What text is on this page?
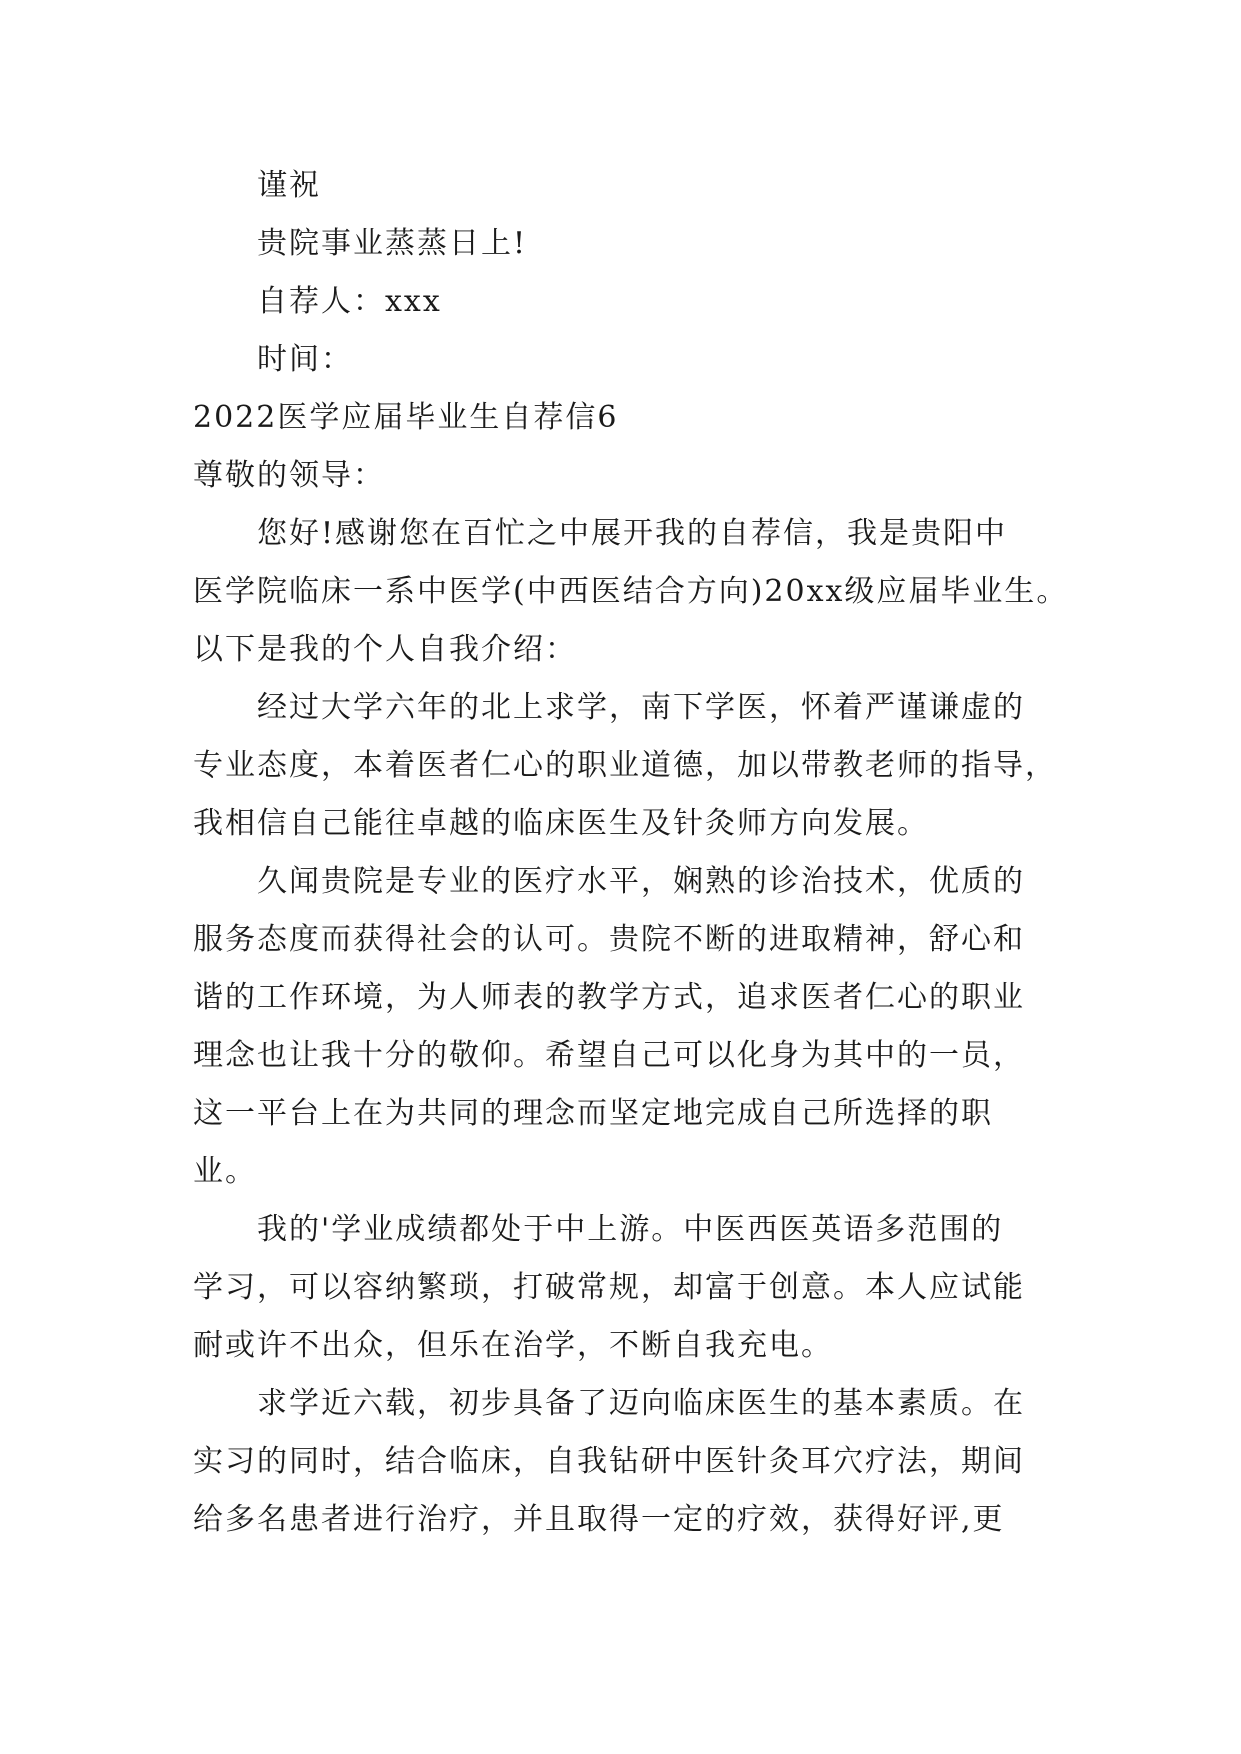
谨祝
贵院事业蒸蒸日上!
自荐人：xxx
时间：
2022医学应届毕业生自荐信6
尊敬的领导：
您好!感谢您在百忙之中展开我的自荐信，我是贵阳中
医学院临床一系中医学(中西医结合方向)20xx级应届毕业生。
以下是我的个人自我介绍：
经过大学六年的北上求学，南下学医，怀着严谨谦虚的
专业态度，本着医者仁心的职业道德，加以带教老师的指导，
我相信自己能往卓越的临床医生及针灸师方向发展。
久闻贵院是专业的医疗水平，娴熟的诊治技术，优质的
服务态度而获得社会的认可。贵院不断的进取精神，舒心和
谐的工作环境，为人师表的教学方式，追求医者仁心的职业
理念也让我十分的敬仰。希望自己可以化身为其中的一员，
这一平台上在为共同的理念而坚定地完成自己所选择的职
业。
我的'学业成绩都处于中上游。中医西医英语多范围的
学习，可以容纳繁琐，打破常规，却富于创意。本人应试能
耐或许不出众，但乐在治学，不断自我充电。
求学近六载，初步具备了迈向临床医生的基本素质。在
实习的同时，结合临床，自我钻研中医针灸耳穴疗法，期间
给多名患者进行治疗，并且取得一定的疗效，获得好评,更
